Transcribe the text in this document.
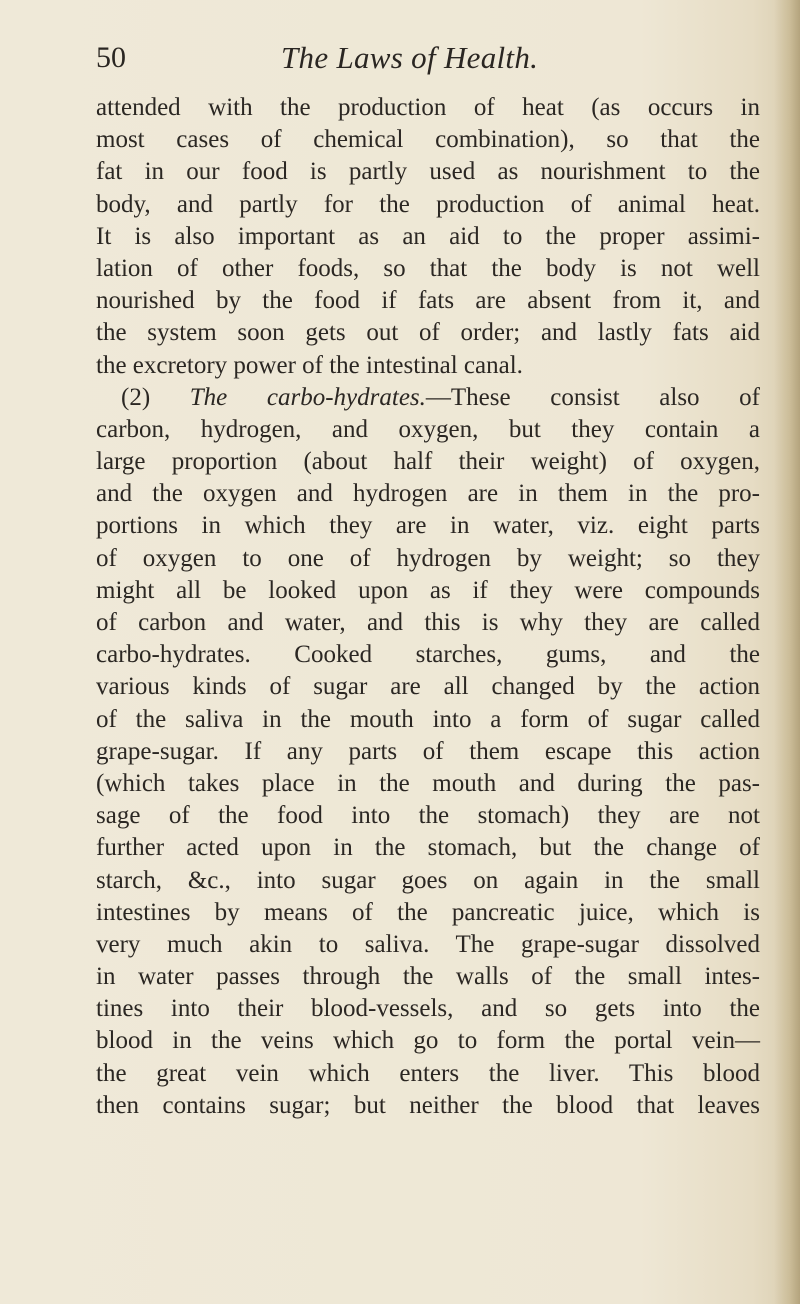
50	The Laws of Health.
attended with the production of heat (as occurs in
most cases of chemical combination), so that the
fat in our food is partly used as nourishment to the
body, and partly for the production of animal heat.
It is also important as an aid to the proper assimi-
lation of other foods, so that the body is not well
nourished by the food if fats are absent from it, and
the system soon gets out of order; and lastly fats aid
the excretory power of the intestinal canal.
(2) The carbo-hydrates.—These consist also of
carbon, hydrogen, and oxygen, but they contain a
large proportion (about half their weight) of oxygen,
and the oxygen and hydrogen are in them in the pro-
portions in which they are in water, viz. eight parts
of oxygen to one of hydrogen by weight; so they
might all be looked upon as if they were compounds
of carbon and water, and this is why they are called
carbo-hydrates. Cooked starches, gums, and the
various kinds of sugar are all changed by the action
of the saliva in the mouth into a form of sugar called
grape-sugar. If any parts of them escape this action
(which takes place in the mouth and during the pas-
sage of the food into the stomach) they are not
further acted upon in the stomach, but the change of
starch, &c., into sugar goes on again in the small
intestines by means of the pancreatic juice, which is
very much akin to saliva. The grape-sugar dissolved
in water passes through the walls of the small intes-
tines into their blood-vessels, and so gets into the
blood in the veins which go to form the portal vein—
the great vein which enters the liver. This blood
then contains sugar; but neither the blood that leaves
